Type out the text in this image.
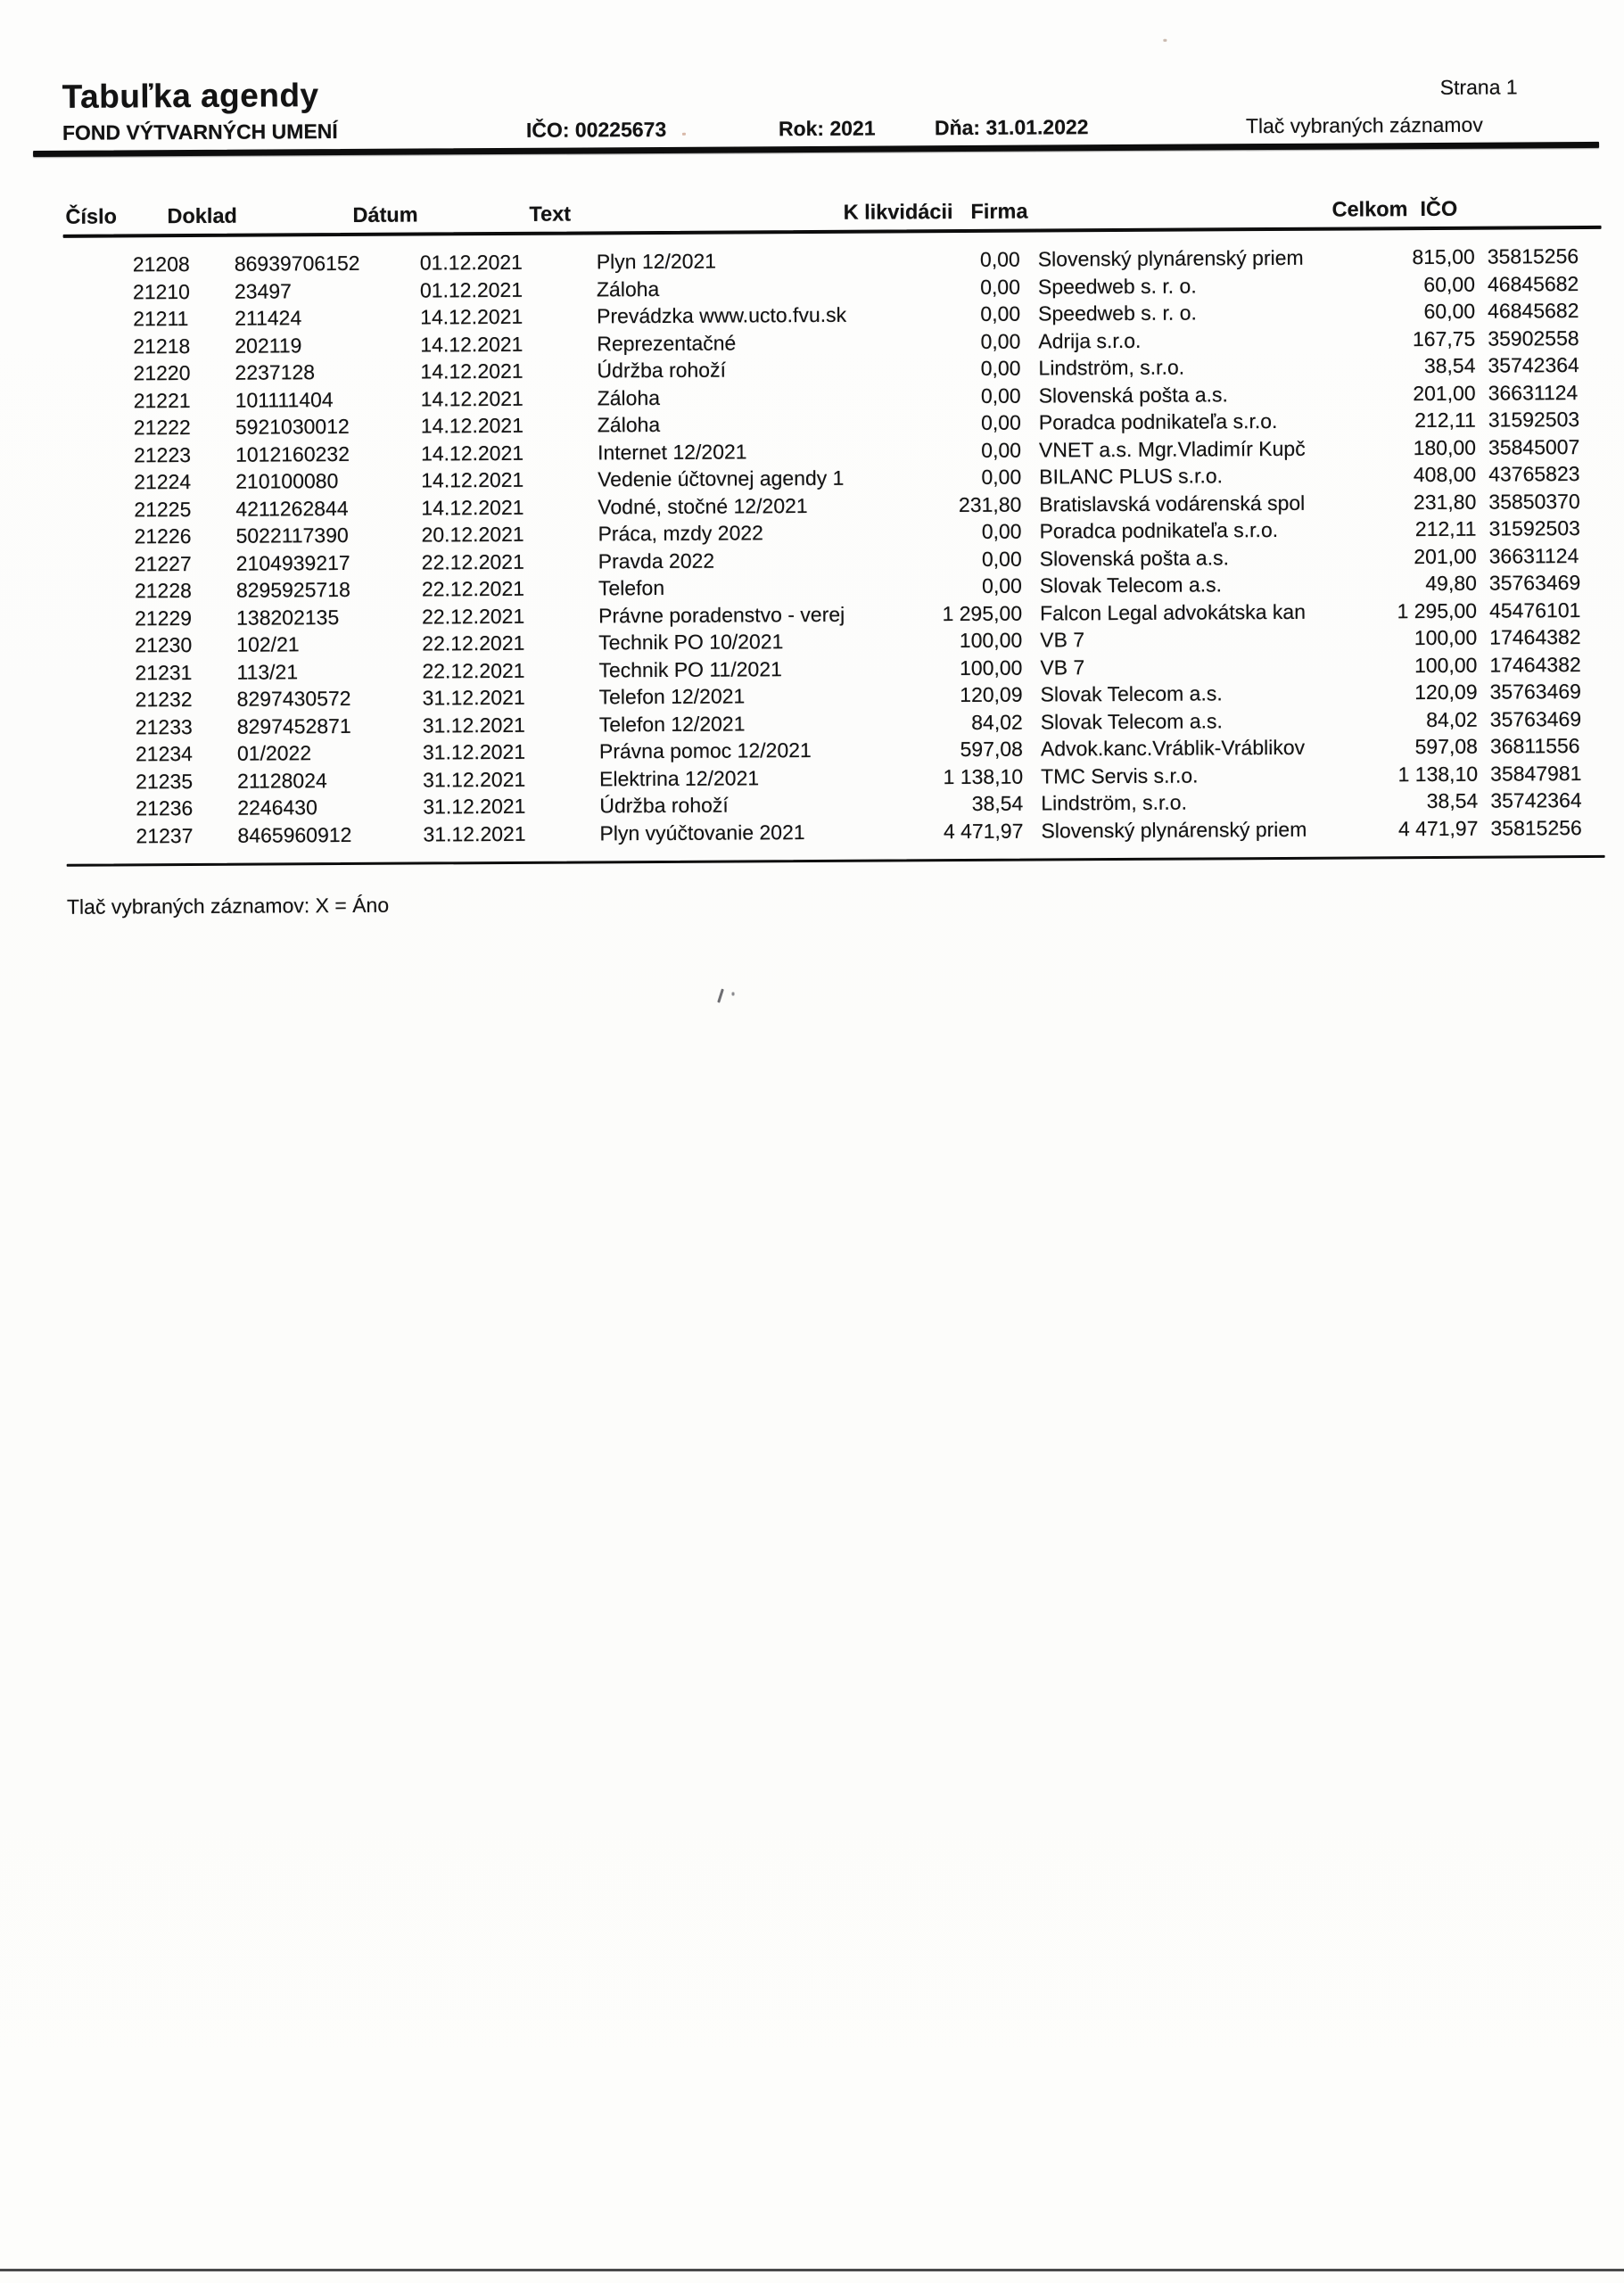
Tabuľka agendy
FOND VÝTVARNÝCH UMENÍ	IČO: 00225673	Rok: 2021	Dňa: 31.01.2022
Strana 1
Tlač vybraných záznamov
Číslo	Doklad	Dátum	Text	K likvidácii Firma	Celkom IČO
21208	86939706152	01.12.2021	Plyn 12/2021	0,00 Slovenský plynárenský priem	815,00 35815256
21210	23497	01.12.2021	Záloha	0,00 Speedweb s. r. o.	60,00 46845682
21211	211424	14.12.2021	Prevádzka www.ucto.fvu.sk	0,00 Speedweb s. r. o.	60,00 46845682
21218	202119	14.12.2021	Reprezentačné	0,00 Adrija s.r.o.	167,75 35902558
21220	2237128	14.12.2021	Údržba rohoží	0,00 Lindström, s.r.o.	38,54 35742364
21221	101111404	14.12.2021	Záloha	0,00 Slovenská pošta a.s.	201,00 36631124
21222	5921030012	14.12.2021	Záloha	0,00 Poradca podnikateľa s.r.o.	212,11 31592503
21223	1012160232	14.12.2021	Internet 12/2021	0,00 VNET a.s. Mgr.Vladimír Kupč	180,00 35845007
21224	210100080	14.12.2021	Vedenie účtovnej agendy 1	0,00 BILANC PLUS s.r.o.	408,00 43765823
21225	4211262844	14.12.2021	Vodné, stočné 12/2021	231,80 Bratislavská vodárenská spol	231,80 35850370
21226	5022117390	20.12.2021	Práca, mzdy 2022	0,00 Poradca podnikateľa s.r.o.	212,11 31592503
21227	2104939217	22.12.2021	Pravda 2022	0,00 Slovenská pošta a.s.	201,00 36631124
21228	8295925718	22.12.2021	Telefon	0,00 Slovak Telecom a.s.	49,80 35763469
21229	138202135	22.12.2021	Právne poradenstvo - verej	1 295,00 Falcon Legal advokátska kan	1 295,00 45476101
21230	102/21	22.12.2021	Technik PO 10/2021	100,00 VB 7	100,00 17464382
21231	113/21	22.12.2021	Technik PO 11/2021	100,00 VB 7	100,00 17464382
21232	8297430572	31.12.2021	Telefon 12/2021	120,09 Slovak Telecom a.s.	120,09 35763469
21233	8297452871	31.12.2021	Telefon 12/2021	84,02 Slovak Telecom a.s.	84,02 35763469
21234	01/2022	31.12.2021	Právna pomoc 12/2021	597,08 Advok.kanc.Vráblik-Vráblikov	597,08 36811556
21235	21128024	31.12.2021	Elektrina 12/2021	1 138,10 TMC Servis s.r.o.	1 138,10 35847981
21236	2246430	31.12.2021	Údržba rohoží	38,54 Lindström, s.r.o.	38,54 35742364
21237	8465960912	31.12.2021	Plyn vyúčtovanie 2021	4 471,97 Slovenský plynárenský priem	4 471,97 35815256
Tlač vybraných záznamov: X = Áno
